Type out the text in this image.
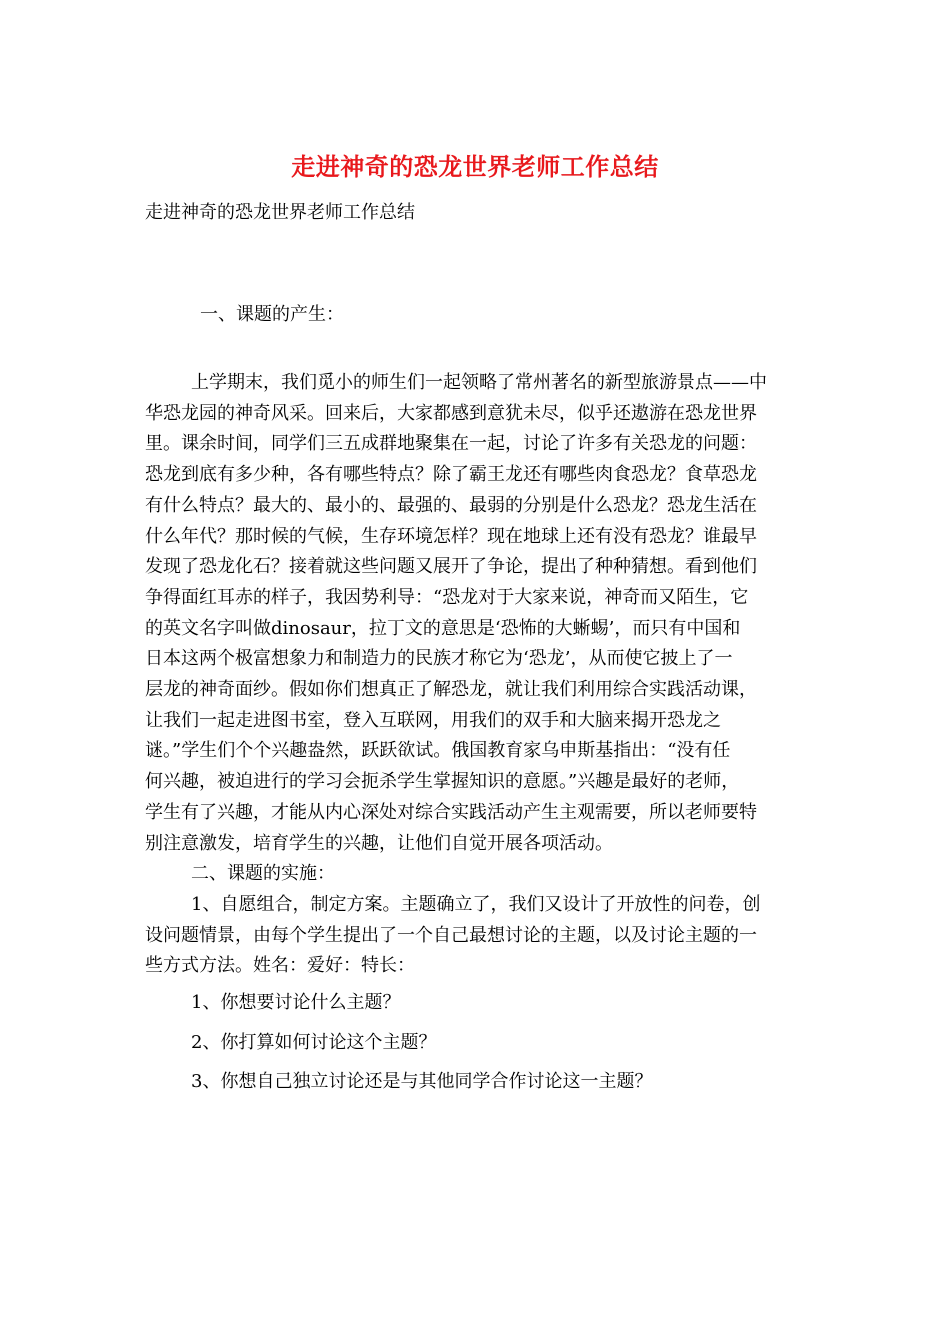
走进神奇的恐龙世界老师工作总结
走进神奇的恐龙世界老师工作总结
一、课题的产生：

上学期末，我们觅小的师生们一起领略了常州著名的新型旅游景点——中
华恐龙园的神奇风采。回来后，大家都感到意犹未尽，似乎还遨游在恐龙世界
里。课余时间，同学们三五成群地聚集在一起，讨论了许多有关恐龙的问题：
恐龙到底有多少种，各有哪些特点？除了霸王龙还有哪些肉食恐龙？食草恐龙
有什么特点？最大的、最小的、最强的、最弱的分别是什么恐龙？恐龙生活在
什么年代？那时候的气候，生存环境怎样？现在地球上还有没有恐龙？谁最早
发现了恐龙化石？接着就这些问题又展开了争论，提出了种种猜想。看到他们
争得面红耳赤的样子，我因势利导：“恐龙对于大家来说，神奇而又陌生，它
的英文名字叫做dinosaur，拉丁文的意思是‘恐怖的大蜥蜴’，而只有中国和
日本这两个极富想象力和制造力的民族才称它为‘恐龙’，从而使它披上了一
层龙的神奇面纱。假如你们想真正了解恐龙，就让我们利用综合实践活动课，
让我们一起走进图书室，登入互联网，用我们的双手和大脑来揭开恐龙之
谜。”学生们个个兴趣盎然，跃跃欲试。俄国教育家乌申斯基指出：“没有任
何兴趣，被迫进行的学习会扼杀学生掌握知识的意愿。”兴趣是最好的老师，
学生有了兴趣，才能从内心深处对综合实践活动产生主观需要，所以老师要特
别注意激发，培育学生的兴趣，让他们自觉开展各项活动。

二、课题的实施：

1、自愿组合，制定方案。主题确立了，我们又设计了开放性的问卷，创
设问题情景，由每个学生提出了一个自己最想讨论的主题，以及讨论主题的一
些方式方法。姓名：爱好：特长：

1、你想要讨论什么主题？
2、你打算如何讨论这个主题？
3、你想自己独立讨论还是与其他同学合作讨论这一主题？
